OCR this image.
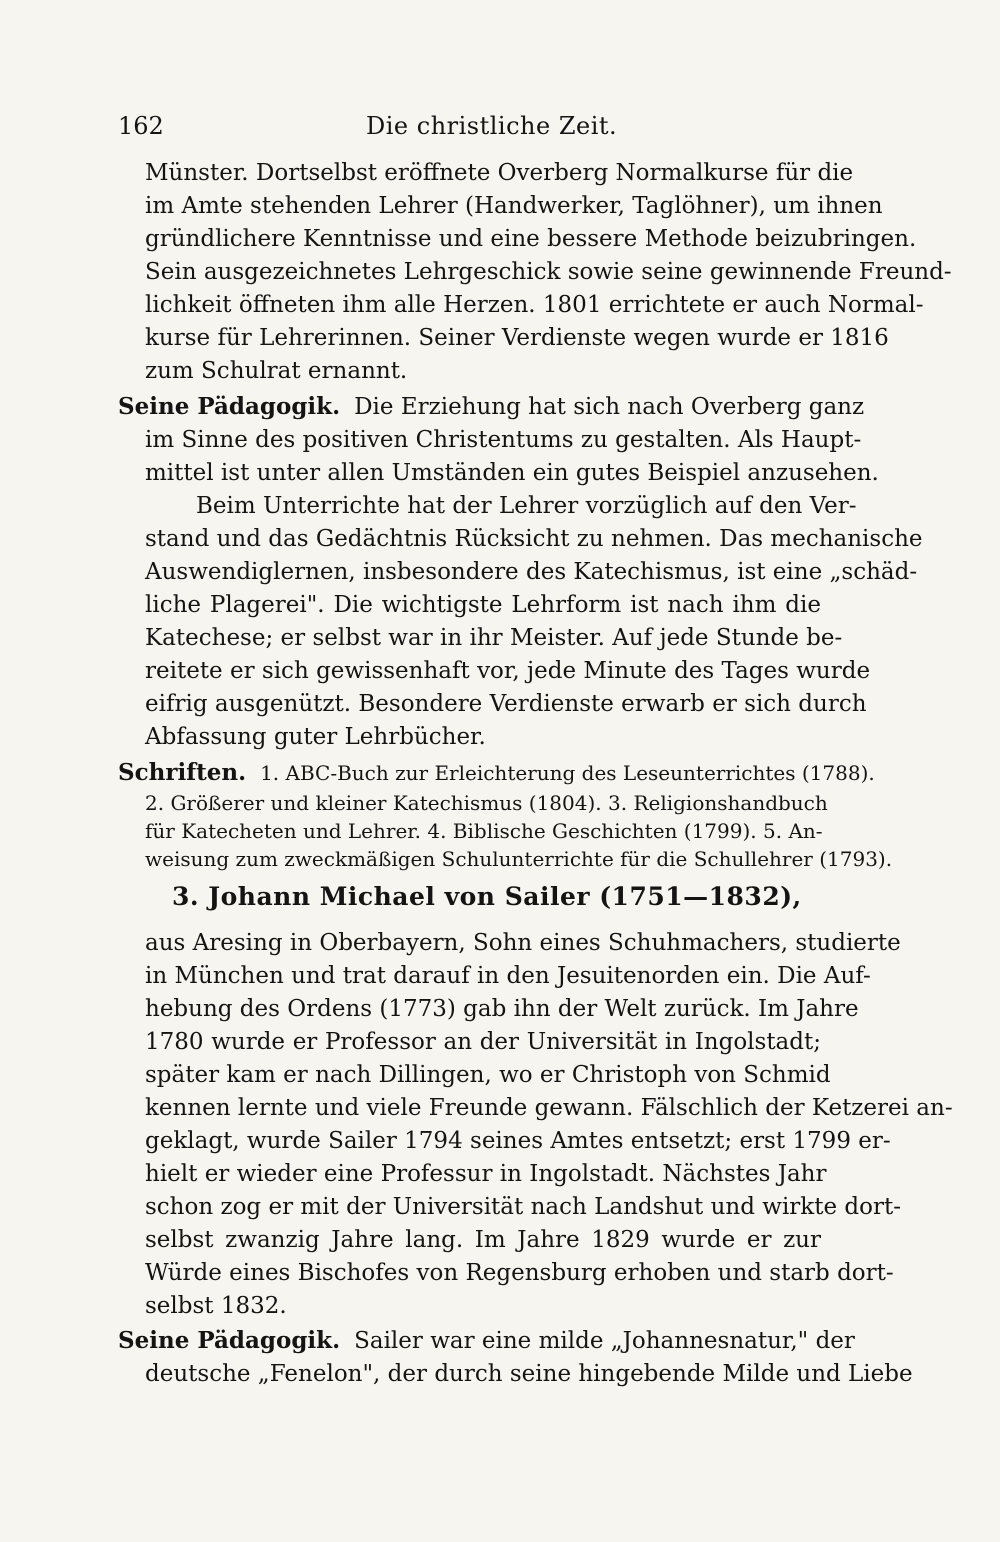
162	Die christliche Zeit.
Münster. Dortselbst eröffnete Overberg Normalkurse für die
im Amte stehenden Lehrer (Handwerker, Taglöhner), um ihnen
gründlichere Kenntnisse und eine bessere Methode beizubringen.
Sein ausgezeichnetes Lehrgeschick sowie seine gewinnende Freund-
lichkeit öffneten ihm alle Herzen. 1801 errichtete er auch Normal-
kurse für Lehrerinnen. Seiner Verdienste wegen wurde er 1816
zum Schulrat ernannt.
Seine Pädagogik. Die Erziehung hat sich nach Overberg ganz
im Sinne des positiven Christentums zu gestalten. Als Haupt-
mittel ist unter allen Umständen ein gutes Beispiel anzusehen.
Beim Unterrichte hat der Lehrer vorzüglich auf den Ver-
stand und das Gedächtnis Rücksicht zu nehmen. Das mechanische
Auswendiglernen, insbesondere des Katechismus, ist eine „schäd-
liche Plagerei". Die wichtigste Lehrform ist nach ihm die
Katechese; er selbst war in ihr Meister. Auf jede Stunde be-
reitete er sich gewissenhaft vor, jede Minute des Tages wurde
eifrig ausgenützt. Besondere Verdienste erwarb er sich durch
Abfassung guter Lehrbücher.
Schriften. 1. ABC-Buch zur Erleichterung des Leseunterrichtes (1788).
2. Größerer und kleiner Katechismus (1804). 3. Religionshandbuch
für Katecheten und Lehrer. 4. Biblische Geschichten (1799). 5. An-
weisung zum zweckmäßigen Schulunterrichte für die Schullehrer (1793).
3. Johann Michael von Sailer (1751—1832),
aus Aresing in Oberbayern, Sohn eines Schuhmachers, studierte
in München und trat darauf in den Jesuitenorden ein. Die Auf-
hebung des Ordens (1773) gab ihn der Welt zurück. Im Jahre
1780 wurde er Professor an der Universität in Ingolstadt;
später kam er nach Dillingen, wo er Christoph von Schmid
kennen lernte und viele Freunde gewann. Fälschlich der Ketzerei an-
geklagt, wurde Sailer 1794 seines Amtes entsetzt; erst 1799 er-
hielt er wieder eine Professur in Ingolstadt. Nächstes Jahr
schon zog er mit der Universität nach Landshut und wirkte dort-
selbst zwanzig Jahre lang. Im Jahre 1829 wurde er zur
Würde eines Bischofes von Regensburg erhoben und starb dort-
selbst 1832.
Seine Pädagogik. Sailer war eine milde „Johannesnatur," der
deutsche „Fenelon", der durch seine hingebende Milde und Liebe
